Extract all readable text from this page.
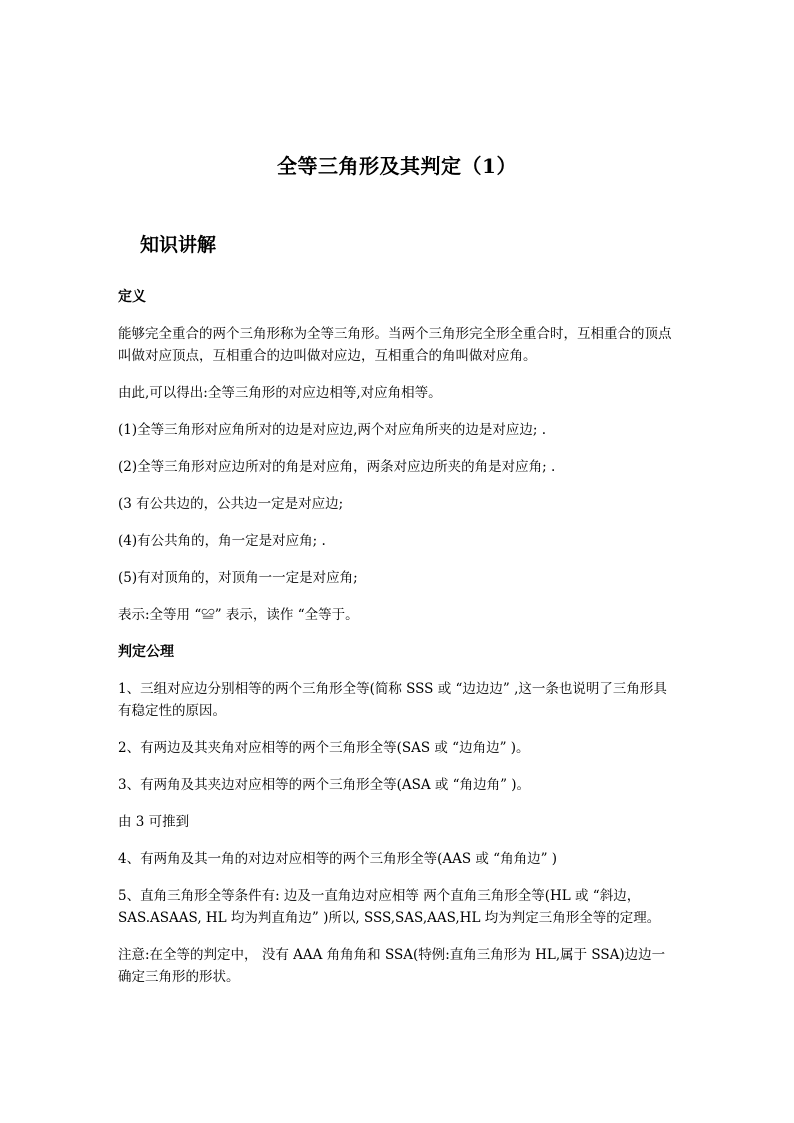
全等三角形及其判定（1）
知识讲解

定义

能够完全重合的两个三角形称为全等三角形。当两个三角形完全形全重合时，互相重合的顶点叫做对应顶点，互相重合的边叫做对应边，互相重合的角叫做对应角。

由此,可以得出:全等三角形的对应边相等,对应角相等。

(1)全等三角形对应角所对的边是对应边,两个对应角所夹的边是对应边; .

(2)全等三角形对应边所对的角是对应角，两条对应边所夹的角是对应角; .

(3 有公共边的，公共边一定是对应边;

(4)有公共角的，角一定是对应角; .

(5)有对顶角的，对顶角一一定是对应角;

表示:全等用 “≌” 表示，读作 “全等于。

判定公理

1、三组对应边分别相等的两个三角形全等(简称 SSS 或 “边边边” ,这一条也说明了三角形具有稳定性的原因。

2、有两边及其夹角对应相等的两个三角形全等(SAS 或 “边角边” )。

3、有两角及其夹边对应相等的两个三角形全等(ASA 或 “角边角” )。

由 3 可推到

4、有两角及其一角的对边对应相等的两个三角形全等(AAS 或 “角角边” )

5、直角三角形全等条件有: 边及一直角边对应相等 两个直角三角形全等(HL 或 “斜边，SAS.ASAAS, HL 均为判直角边” )所以, SSS,SAS,AAS,HL 均为判定三角形全等的定理。

注意:在全等的判定中， 没有 AAA 角角角和 SSA(特例:直角三角形为 HL,属于 SSA)边边一确定三角形的形状。
